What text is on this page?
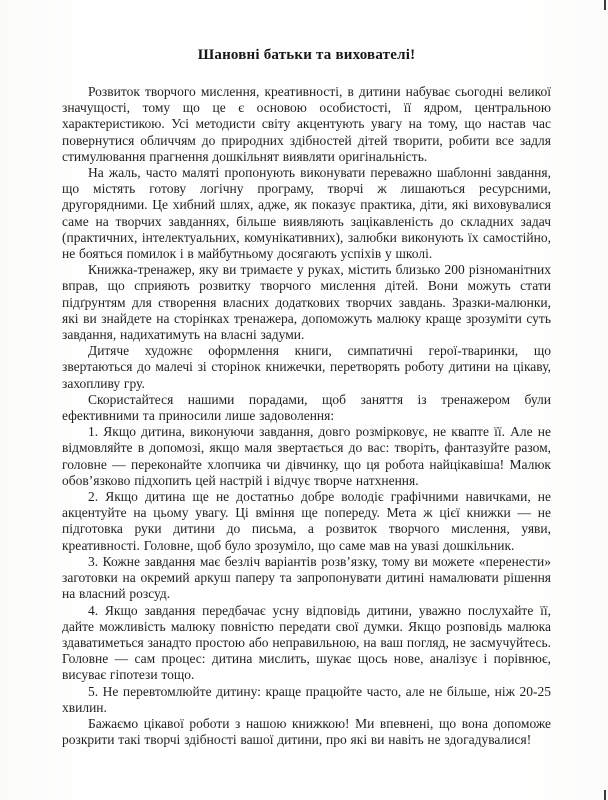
Шановні батьки та вихователі!

Розвиток творчого мислення, креативності, в дитини набуває сьогодні великої значущості, тому що це є основою особистості, її ядром, центральною характеристикою. Усі методисти світу акцентують увагу на тому, що настав час повернутися обличчям до природних здібностей дітей творити, робити все задля стимулювання прагнення дошкільнят виявляти оригінальність.

На жаль, часто маляті пропонують виконувати переважно шаблонні завдання, що містять готову логічну програму, творчі ж лишаються ресурсними, другорядними. Це хибний шлях, адже, як показує практика, діти, які виховувалися саме на творчих завданнях, більше виявляють зацікавленість до складних задач (практичних, інтелектуальних, комунікативних), залюбки виконують їх самостійно, не бояться помилок і в майбутньому досягають успіхів у школі.

Книжка-тренажер, яку ви тримаєте у руках, містить близько 200 різноманітних вправ, що сприяють розвитку творчого мислення дітей. Вони можуть стати підґрунтям для створення власних додаткових творчих завдань. Зразки-малюнки, які ви знайдете на сторінках тренажера, допоможуть малюку краще зрозуміти суть завдання, надихатимуть на власні задуми.

Дитяче художнє оформлення книги, симпатичні герої-тваринки, що звертаються до малечі зі сторінок книжечки, перетворять роботу дитини на цікаву, захопливу гру.

Скористайтеся нашими порадами, щоб заняття із тренажером були ефективними та приносили лише задоволення:

1. Якщо дитина, виконуючи завдання, довго розмірковує, не квапте її. Але не відмовляйте в допомозі, якщо маля звертається до вас: творіть, фантазуйте разом, головне — переконайте хлопчика чи дівчинку, що ця робота найцікавіша! Малюк обов’язково підхопить цей настрій і відчує творче натхнення.

2. Якщо дитина ще не достатньо добре володіє графічними навичками, не акцентуйте на цьому увагу. Ці вміння ще попереду. Мета ж цієї книжки — не підготовка руки дитини до письма, а розвиток творчого мислення, уяви, креативності. Головне, щоб було зрозуміло, що саме мав на увазі дошкільник.

3. Кожне завдання має безліч варіантів розв’язку, тому ви можете «перенести» заготовки на окремий аркуш паперу та запропонувати дитині намалювати рішення на власний розсуд.

4. Якщо завдання передбачає усну відповідь дитини, уважно послухайте її, дайте можливість малюку повністю передати свої думки. Якщо розповідь малюка здаватиметься занадто простою або неправильною, на ваш погляд, не засмучуйтесь. Головне — сам процес: дитина мислить, шукає щось нове, аналізує і порівнює, висуває гіпотези тощо.

5. Не перевтомлюйте дитину: краще працюйте часто, але не більше, ніж 20-25 хвилин.

Бажаємо цікавої роботи з нашою книжкою! Ми впевнені, що вона допоможе розкрити такі творчі здібності вашої дитини, про які ви навіть не здогадувалися!
